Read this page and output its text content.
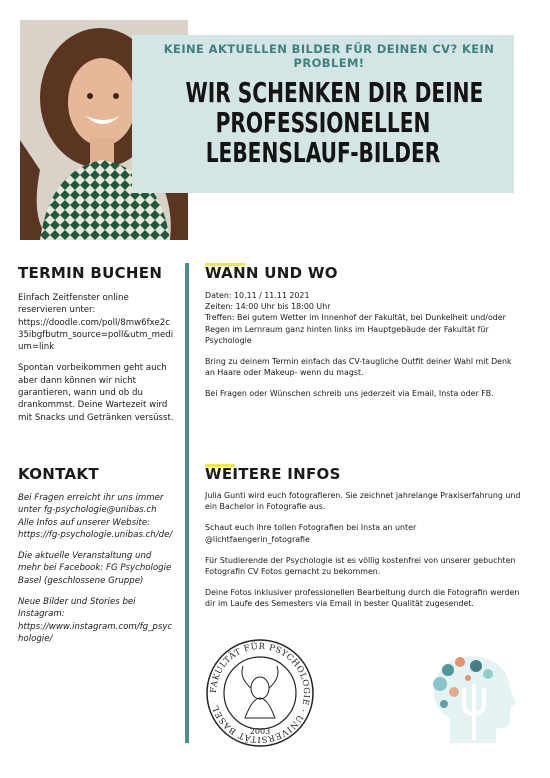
KEINE AKTUELLEN BILDER FÜR DEINEN CV? KEIN PROBLEM!
WIR SCHENKEN DIR DEINE
PROFESSIONELLEN
LEBENSLAUF-BILDER
TERMIN BUCHEN

Einfach Zeitfenster online reservieren unter:
https://doodle.com/poll/8mw6fxe2c35ibgfbutm_source=poll&utm_medium=link

Spontan vorbeikommen geht auch aber dann können wir nicht garantieren, wann und ob du drankommst. Deine Wartezeit wird mit Snacks und Getränken versüsst.

KONTAKT

Bei Fragen erreicht ihr uns immer unter fg-psychologie@unibas.ch
Alle Infos auf unserer Website:
https://fg-psychologie.unibas.ch/de/

Die aktuelle Veranstaltung und mehr bei Facebook: FG Psychologie Basel (geschlossene Gruppe)

Neue Bilder und Stories bei Instagram:
https://www.instagram.com/fg_psychologie/

WANN UND WO

Daten: 10.11 / 11.11 2021
Zeiten: 14:00 Uhr bis 18:00 Uhr
Treffen: Bei gutem Wetter im Innenhof der Fakultät, bei Dunkelheit und/oder Regen im Lernraum ganz hinten links im Hauptgebäude der Fakultät für Psychologie

Bring zu deinem Termin einfach das CV-taugliche Outfit deiner Wahl mit Denk an Haare oder Makeup- wenn du magst.

Bei Fragen oder Wünschen schreib uns jederzeit via Email, Insta oder FB.

WEITERE INFOS

Julia Gunti wird euch fotografieren. Sie zeichnet jahrelange Praxiserfahrung und ein Bachelor in Fotografie aus.

Schaut euch ihre tollen Fotografien bei Insta an unter @lichtfaengerin_fotografie

Für Studierende der Psychologie ist es völlig kostenfrei von unserer gebuchten Fotografin CV Fotos gemacht zu bekommen.

Deine Fotos inklusiver professionellen Bearbeitung durch die Fotografin werden dir im Laufe des Semesters via Email in bester Qualität zugesendet.

FAKULTÄT FÜR PSYCHOLOGIE · UNIVERSITÄT BASEL
2003
